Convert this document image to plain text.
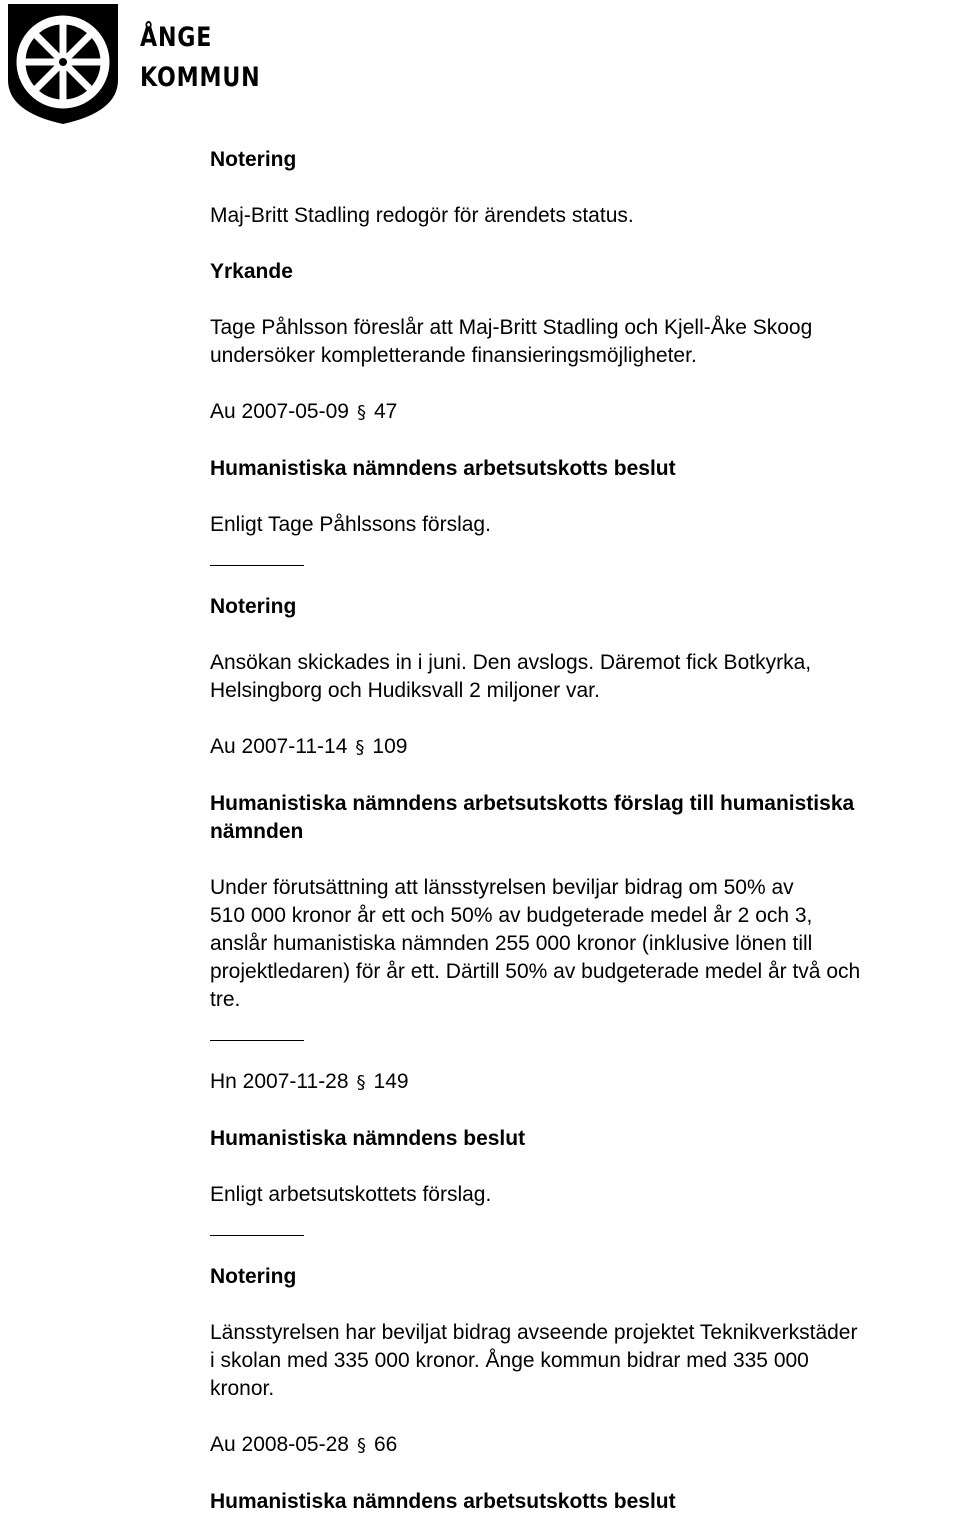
ÅNGE
KOMMUN
Notering

Maj-Britt Stadling redogör för ärendets status.

Yrkande

Tage Påhlsson föreslår att Maj-Britt Stadling och Kjell-Åke Skoog

undersöker kompletterande finansieringsmöjligheter.

Au 2007-05-09 § 47

Humanistiska nämndens arbetsutskotts beslut

Enligt Tage Påhlssons förslag.

Notering

Ansökan skickades in i juni. Den avslogs. Däremot fick Botkyrka,

Helsingborg och Hudiksvall 2 miljoner var.

Au 2007-11-14 § 109

Humanistiska nämndens arbetsutskotts förslag till humanistiska
nämnden

Under förutsättning att länsstyrelsen beviljar bidrag om 50% av

510 000 kronor år ett och 50% av budgeterade medel år 2 och 3,

anslår humanistiska nämnden 255 000 kronor (inklusive lönen till

projektledaren) för år ett. Därtill 50% av budgeterade medel år två och

tre.

Hn 2007-11-28 § 149

Humanistiska nämndens beslut

Enligt arbetsutskottets förslag.

Notering

Länsstyrelsen har beviljat bidrag avseende projektet Teknikverkstäder

i skolan med 335 000 kronor. Ånge kommun bidrar med 335 000

kronor.

Au 2008-05-28 § 66

Humanistiska nämndens arbetsutskotts beslut
